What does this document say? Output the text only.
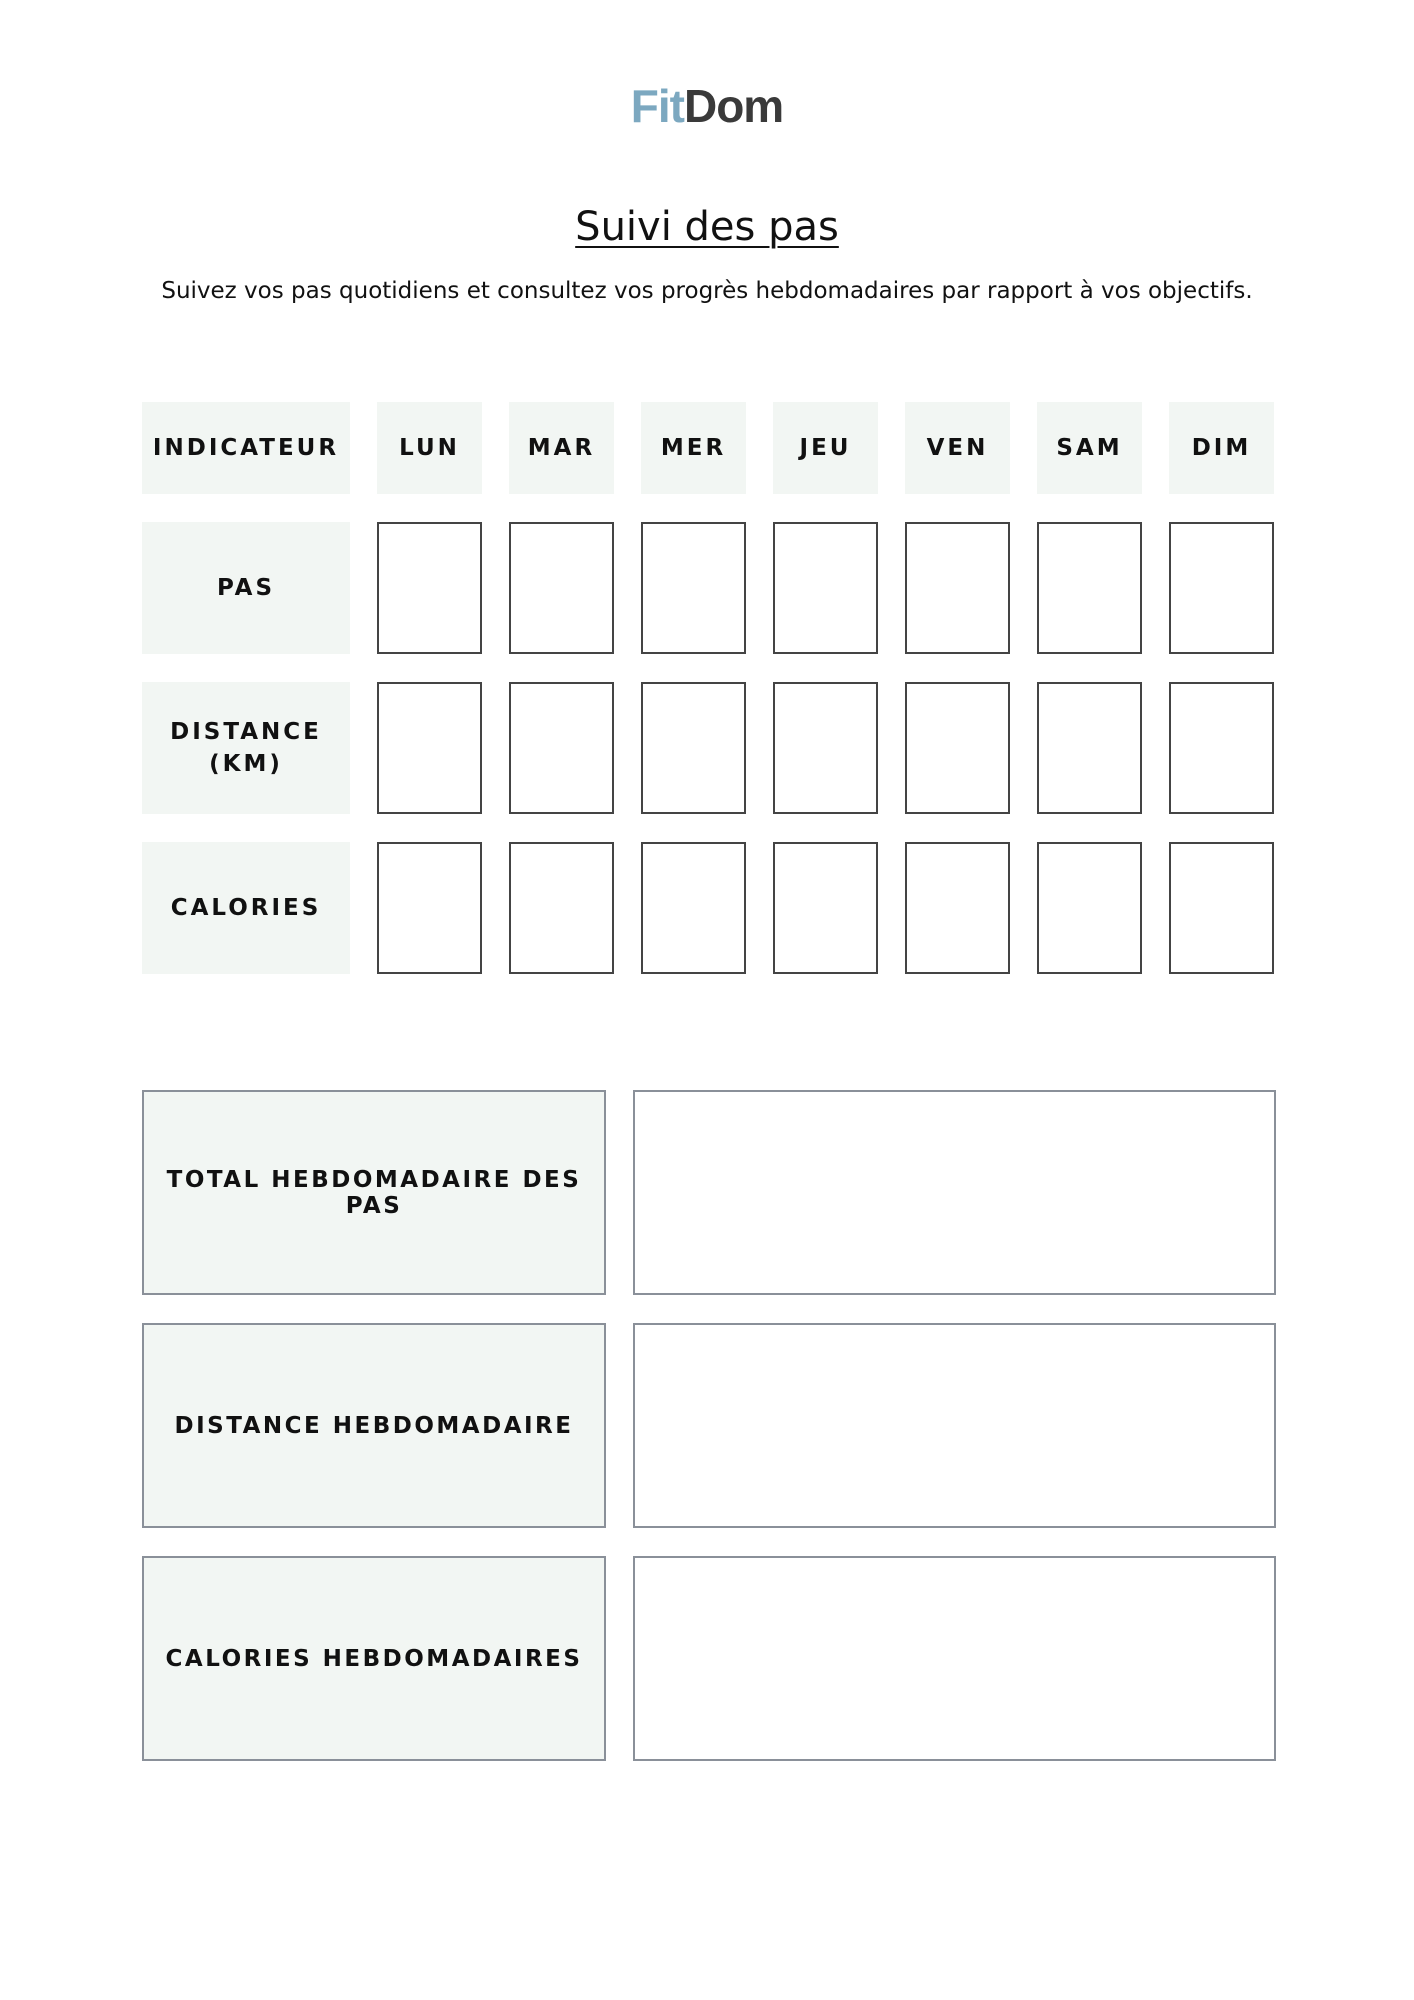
FitDom
Suivi des pas
Suivez vos pas quotidiens et consultez vos progrès hebdomadaires par rapport à vos objectifs.
INDICATEUR	LUN	MAR	MER	JEU	VEN	SAM	DIM
PAS
DISTANCE (KM)
CALORIES
TOTAL HEBDOMADAIRE DES PAS
DISTANCE HEBDOMADAIRE
CALORIES HEBDOMADAIRES
